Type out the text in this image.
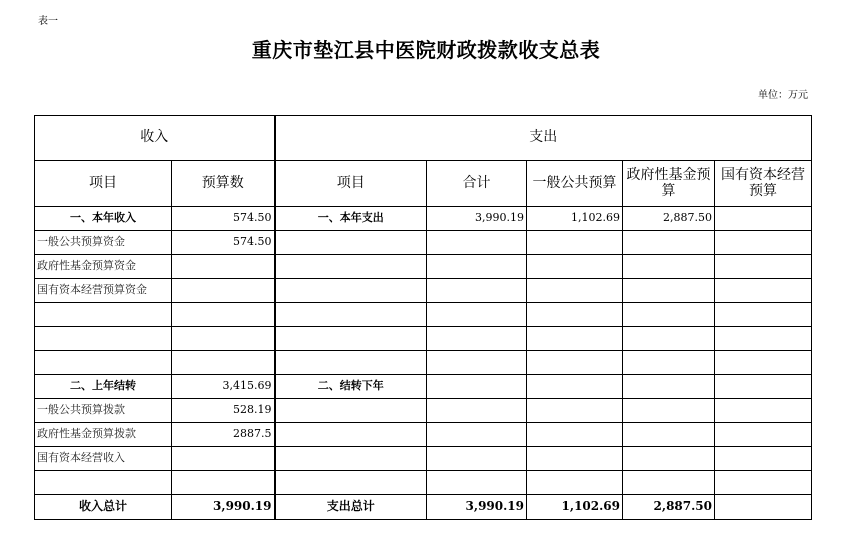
表一
重庆市垫江县中医院财政拨款收支总表
单位：万元
收入		支出				
项目	预算数	项目	合计	一般公共预算	政府性基金预算	国有资本经营预算
一、本年收入	574.50	一、本年支出	3,990.19	1,102.69	2,887.50	
一般公共预算资金	574.50					
政府性基金预算资金						
国有资本经营预算资金						

二、上年结转	3,415.69	二、结转下年				
一般公共预算拨款	528.19					
政府性基金预算拨款	2887.5					
国有资本经营收入						

收入总计	3,990.19	支出总计	3,990.19	1,102.69	2,887.50	
